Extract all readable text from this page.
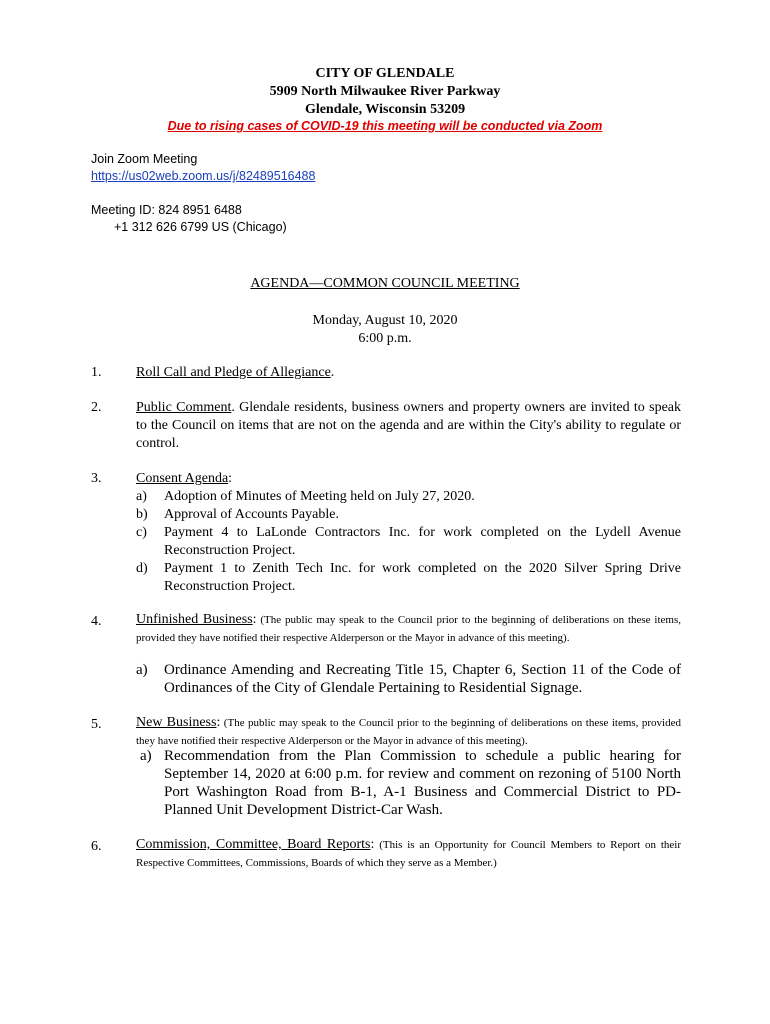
CITY OF GLENDALE
5909 North Milwaukee River Parkway
Glendale, Wisconsin 53209
Due to rising cases of COVID-19 this meeting will be conducted via Zoom
Join Zoom Meeting
https://us02web.zoom.us/j/82489516488
Meeting ID: 824 8951 6488
+1 312 626 6799 US (Chicago)
AGENDA—COMMON COUNCIL MEETING
Monday, August 10, 2020
6:00 p.m.
1. Roll Call and Pledge of Allegiance.
2. Public Comment. Glendale residents, business owners and property owners are invited to speak to the Council on items that are not on the agenda and are within the City's ability to regulate or control.
3. Consent Agenda:
a)	Adoption of Minutes of Meeting held on July 27, 2020.
b)	Approval of Accounts Payable.
c)	Payment 4 to LaLonde Contractors Inc. for work completed on the Lydell Avenue Reconstruction Project.
d)	Payment 1 to Zenith Tech Inc. for work completed on the 2020 Silver Spring Drive Reconstruction Project.
4. Unfinished Business: (The public may speak to the Council prior to the beginning of deliberations on these items, provided they have notified their respective Alderperson or the Mayor in advance of this meeting).
a)	Ordinance Amending and Recreating Title 15, Chapter 6, Section 11 of the Code of Ordinances of the City of Glendale Pertaining to Residential Signage.
5. New Business: (The public may speak to the Council prior to the beginning of deliberations on these items, provided they have notified their respective Alderperson or the Mayor in advance of this meeting).
a) Recommendation from the Plan Commission to schedule a public hearing for September 14, 2020 at 6:00 p.m. for review and comment on rezoning of 5100 North Port Washington Road from B-1, A-1 Business and Commercial District to PD-Planned Unit Development District-Car Wash.
6. Commission, Committee, Board Reports: (This is an Opportunity for Council Members to Report on their Respective Committees, Commissions, Boards of which they serve as a Member.)
